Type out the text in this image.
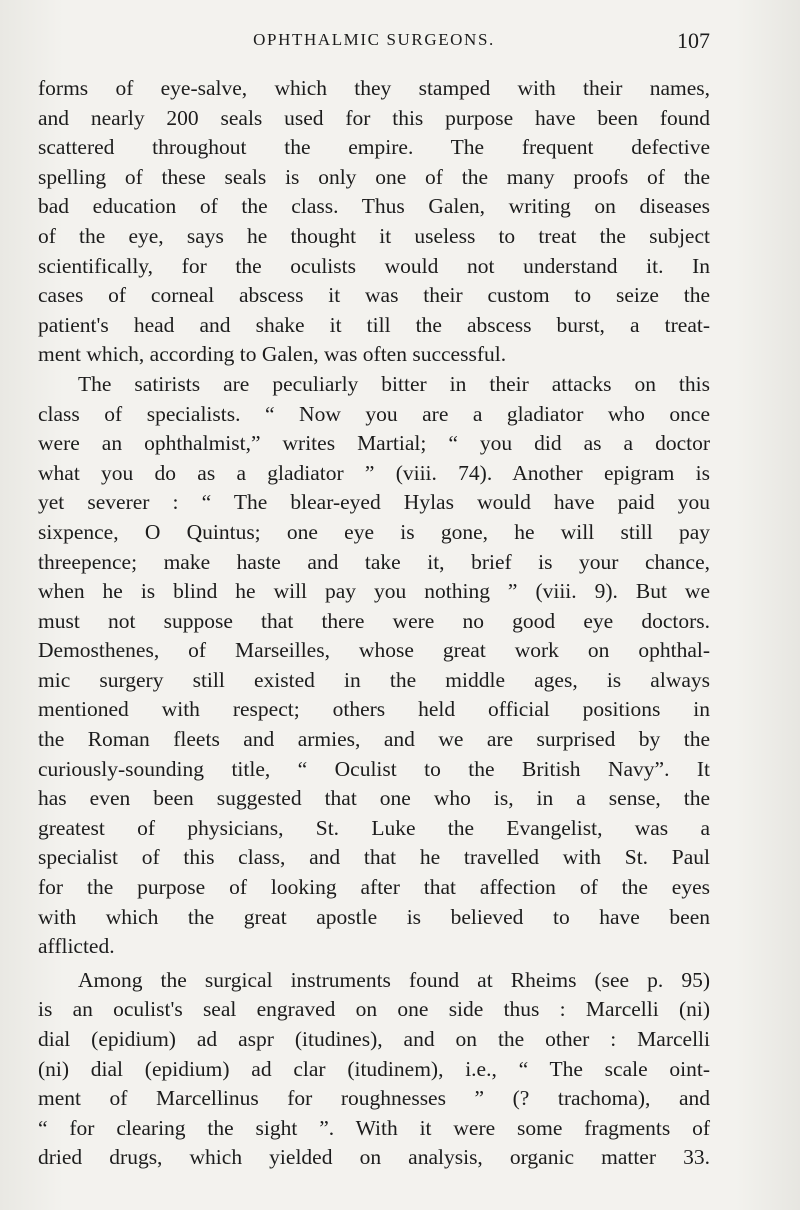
OPHTHALMIC SURGEONS.	107
forms of eye-salve, which they stamped with their names,
and nearly 200 seals used for this purpose have been found
scattered throughout the empire. The frequent defective
spelling of these seals is only one of the many proofs of the
bad education of the class. Thus Galen, writing on diseases
of the eye, says he thought it useless to treat the subject
scientifically, for the oculists would not understand it. In
cases of corneal abscess it was their custom to seize the
patient's head and shake it till the abscess burst, a treat-
ment which, according to Galen, was often successful.
The satirists are peculiarly bitter in their attacks on this
class of specialists. “ Now you are a gladiator who once
were an ophthalmist,” writes Martial; “ you did as a doctor
what you do as a gladiator ” (viii. 74). Another epigram is
yet severer : “ The blear-eyed Hylas would have paid you
sixpence, O Quintus; one eye is gone, he will still pay
threepence; make haste and take it, brief is your chance,
when he is blind he will pay you nothing ” (viii. 9). But we
must not suppose that there were no good eye doctors.
Demosthenes, of Marseilles, whose great work on ophthal-
mic surgery still existed in the middle ages, is always
mentioned with respect; others held official positions in
the Roman fleets and armies, and we are surprised by the
curiously-sounding title, “ Oculist to the British Navy”. It
has even been suggested that one who is, in a sense, the
greatest of physicians, St. Luke the Evangelist, was a
specialist of this class, and that he travelled with St. Paul
for the purpose of looking after that affection of the eyes
with which the great apostle is believed to have been
afflicted.
Among the surgical instruments found at Rheims (see p. 95)
is an oculist's seal engraved on one side thus : Marcelli (ni)
dial (epidium) ad aspr (itudines), and on the other : Marcelli
(ni) dial (epidium) ad clar (itudinem), i.e., “ The scale oint-
ment of Marcellinus for roughnesses ” (? trachoma), and
“ for clearing the sight ”. With it were some fragments of
dried drugs, which yielded on analysis, organic matter 33.
